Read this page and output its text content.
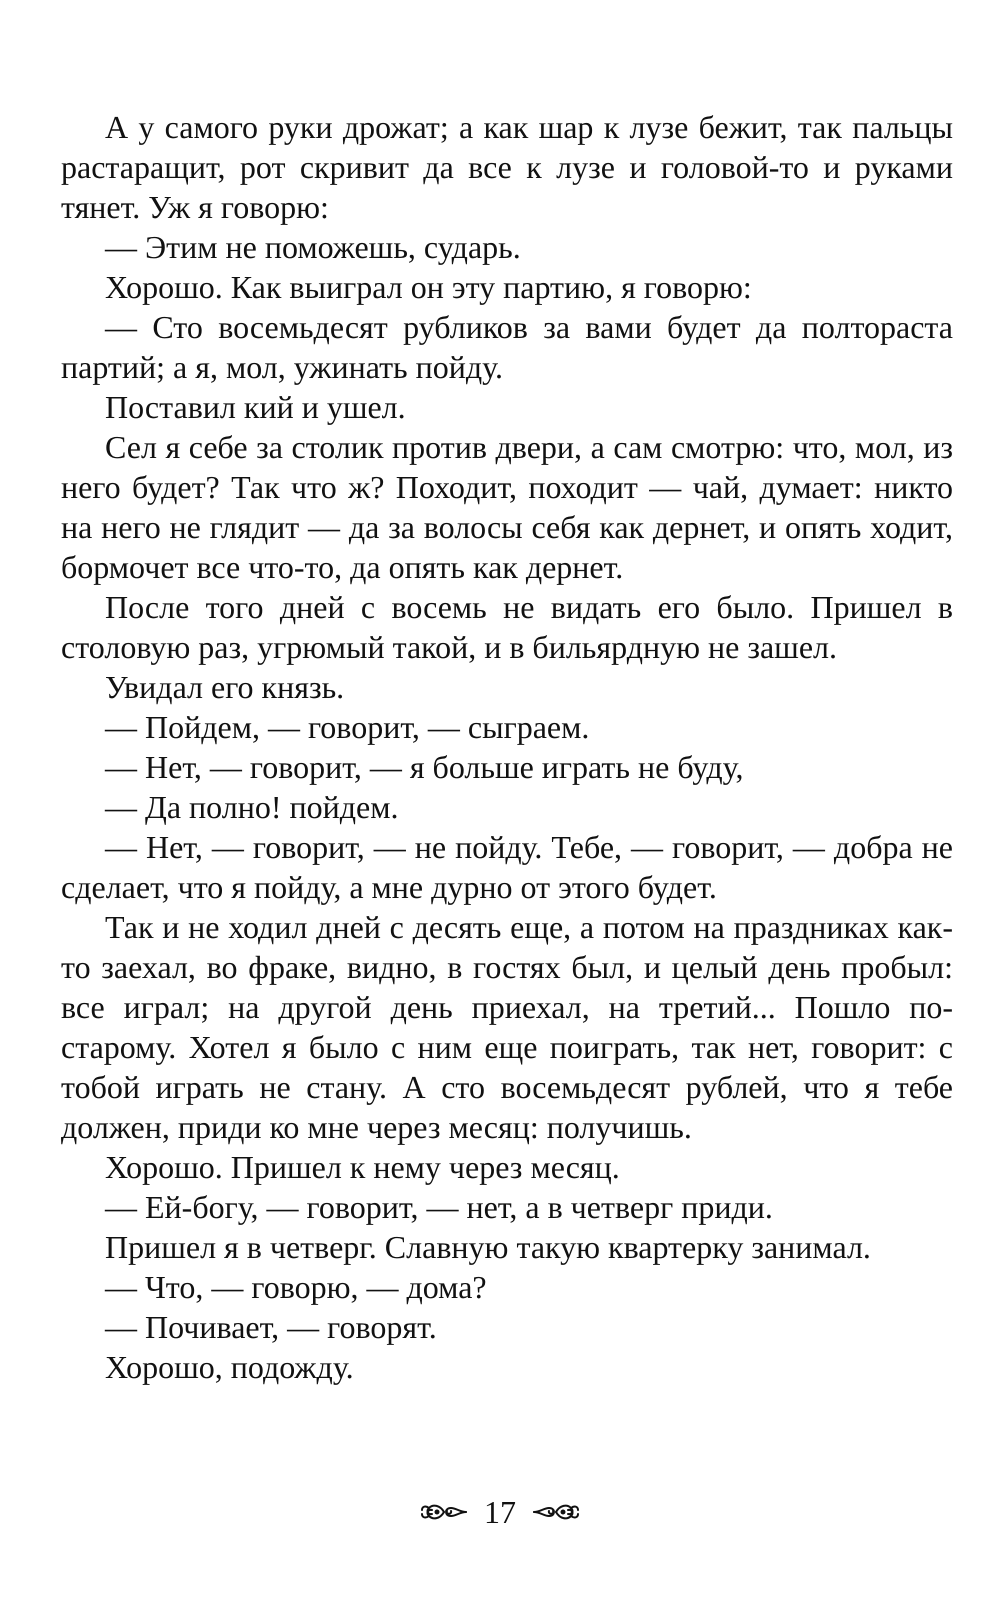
А у самого руки дрожат; а как шар к лузе бежит, так пальцы растаращит, рот скривит да все к лузе и головой-то и руками тянет. Уж я говорю:

— Этим не поможешь, сударь.

Хорошо. Как выиграл он эту партию, я говорю:

— Сто восемьдесят рубликов за вами будет да полтораста партий; а я, мол, ужинать пойду.

Поставил кий и ушел.

Сел я себе за столик против двери, а сам смотрю: что, мол, из него будет? Так что ж? Походит, походит — чай, думает: никто на него не глядит — да за волосы себя как дернет, и опять ходит, бормочет все что-то, да опять как дернет.

После того дней с восемь не видать его было. Пришел в столовую раз, угрюмый такой, и в бильярдную не зашел.

Увидал его князь.

— Пойдем, — говорит, — сыграем.

— Нет, — говорит, — я больше играть не буду,

— Да полно! пойдем.

— Нет, — говорит, — не пойду. Тебе, — говорит, — добра не сделает, что я пойду, а мне дурно от этого будет.

Так и не ходил дней с десять еще, а потом на праздниках как-то заехал, во фраке, видно, в гостях был, и целый день пробыл: все играл; на другой день приехал, на третий... Пошло по-старому. Хотел я было с ним еще поиграть, так нет, говорит: с тобой играть не стану. А сто восемьдесят рублей, что я тебе должен, приди ко мне через месяц: получишь.

Хорошо. Пришел к нему через месяц.

— Ей-богу, — говорит, — нет, а в четверг приди.

Пришел я в четверг. Славную такую квартерку занимал.

— Что, — говорю, — дома?

— Почивает, — говорят.

Хорошо, подожду.

17
